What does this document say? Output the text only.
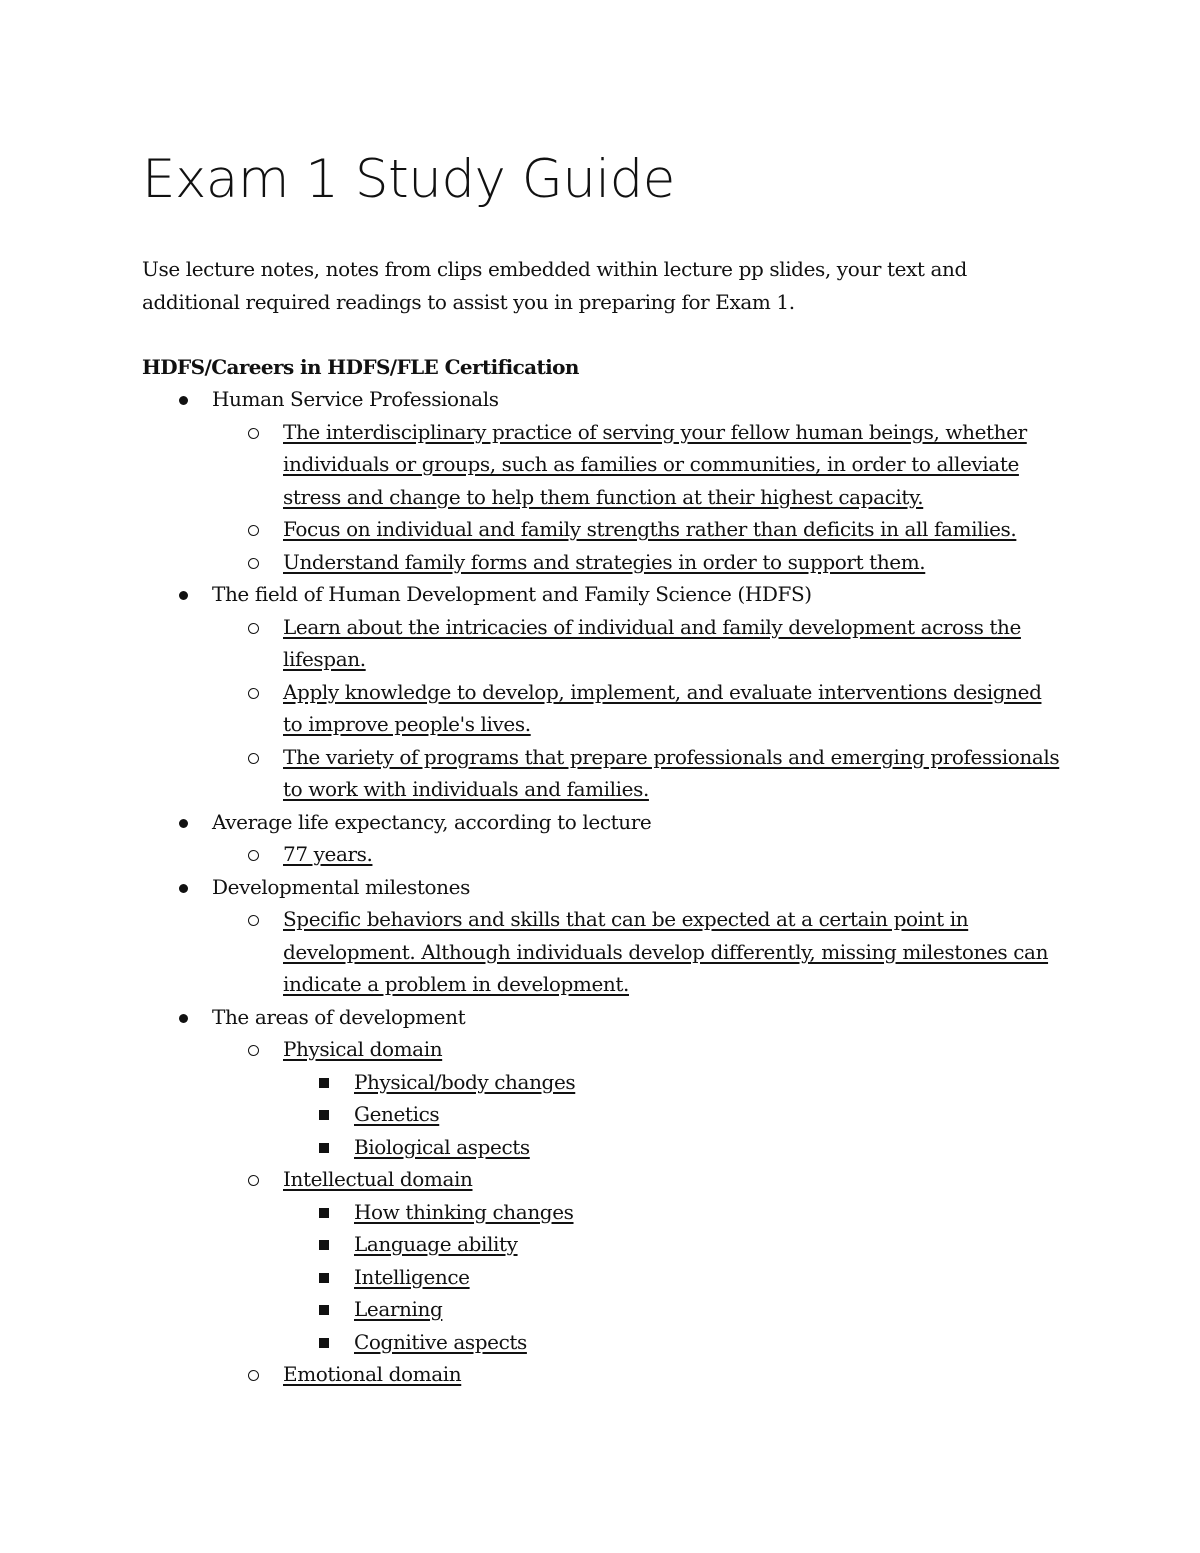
Exam 1 Study Guide

Use lecture notes, notes from clips embedded within lecture pp slides, your text and additional required readings to assist you in preparing for Exam 1.

HDFS/Careers in HDFS/FLE Certification
Human Service Professionals
The interdisciplinary practice of serving your fellow human beings, whether individuals or groups, such as families or communities, in order to alleviate stress and change to help them function at their highest capacity.
Focus on individual and family strengths rather than deficits in all families.
Understand family forms and strategies in order to support them.
The field of Human Development and Family Science (HDFS)
Learn about the intricacies of individual and family development across the lifespan.
Apply knowledge to develop, implement, and evaluate interventions designed to improve people's lives.
The variety of programs that prepare professionals and emerging professionals to work with individuals and families.
Average life expectancy, according to lecture
77 years.
Developmental milestones
Specific behaviors and skills that can be expected at a certain point in development. Although individuals develop differently, missing milestones can indicate a problem in development.
The areas of development
Physical domain
Physical/body changes
Genetics
Biological aspects
Intellectual domain
How thinking changes
Language ability
Intelligence
Learning
Cognitive aspects
Emotional domain
